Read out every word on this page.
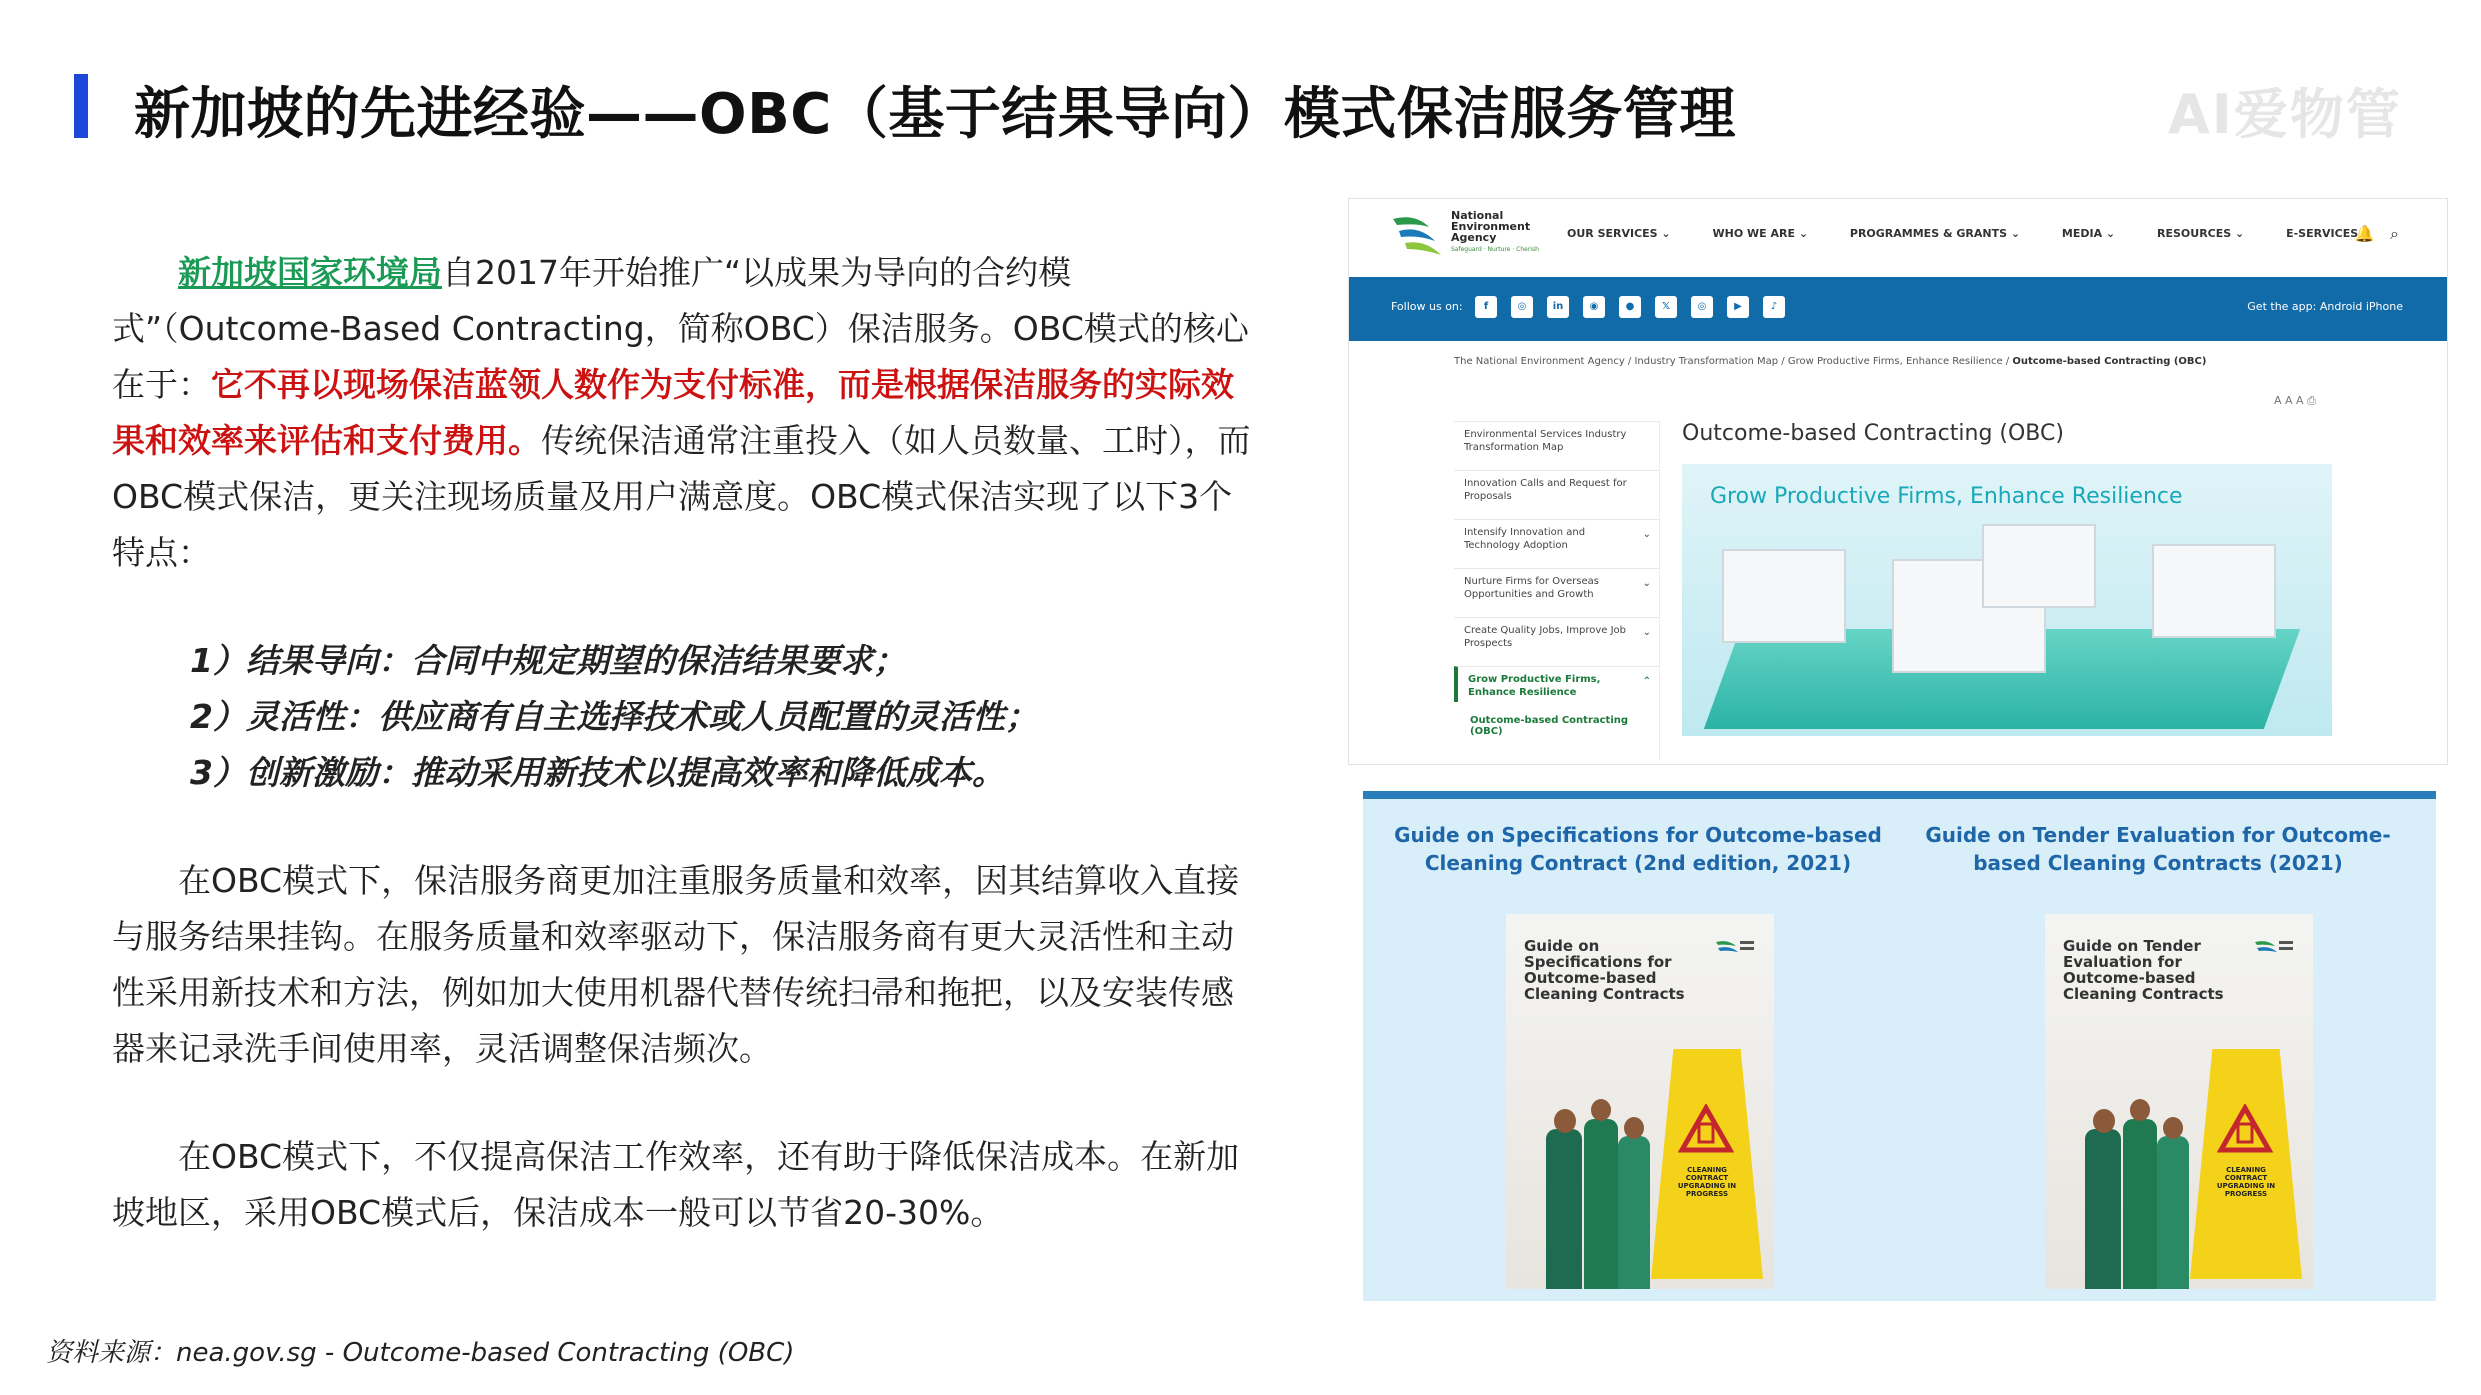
新加坡的先进经验——OBC（基于结果导向）模式保洁服务管理	AI爱物管

新加坡国家环境局自2017年开始推广“以成果为导向的合约模式”（Outcome-Based Contracting，简称OBC）保洁服务。OBC模式的核心在于：它不再以现场保洁蓝领人数作为支付标准，而是根据保洁服务的实际效果和效率来评估和支付费用。传统保洁通常注重投入（如人员数量、工时），而OBC模式保洁，更关注现场质量及用户满意度。OBC模式保洁实现了以下3个特点：

1）结果导向：合同中规定期望的保洁结果要求；
2）灵活性：供应商有自主选择技术或人员配置的灵活性；
3）创新激励：推动采用新技术以提高效率和降低成本。

在OBC模式下，保洁服务商更加注重服务质量和效率，因其结算收入直接与服务结果挂钩。在服务质量和效率驱动下，保洁服务商有更大灵活性和主动性采用新技术和方法，例如加大使用机器代替传统扫帚和拖把，以及安装传感器来记录洗手间使用率，灵活调整保洁频次。

在OBC模式下，不仅提高保洁工作效率，还有助于降低保洁成本。在新加坡地区，采用OBC模式后，保洁成本一般可以节省20-30%。

资料来源：nea.gov.sg - Outcome-based Contracting (OBC)
National Environment Agency
Safeguard · Nurture · Cherish
OUR SERVICES ⌄	WHO WE ARE ⌄	PROGRAMMES & GRANTS ⌄	MEDIA ⌄	RESOURCES ⌄	E-SERVICES
🔔 ⌕
Follow us on:	f	◎	in	◉	●	𝕏	◎	▶	♪	Get the app: Android iPhone
The National Environment Agency / Industry Transformation Map / Grow Productive Firms, Enhance Resilience / Outcome-based Contracting (OBC)
A A A ⎙
Environmental Services Industry Transformation Map
Innovation Calls and Request for Proposals
Intensify Innovation and Technology Adoption
⌄
Nurture Firms for Overseas Opportunities and Growth
⌄
Create Quality Jobs, Improve Job Prospects
⌄
Grow Productive Firms, Enhance Resilience
⌃
Outcome-based Contracting (OBC)
Outcome-based Contracting (OBC)
Grow Productive Firms, Enhance Resilience
Guide on Specifications for Outcome-based Cleaning Contract (2nd edition, 2021)
Guide on Tender Evaluation for Outcome-based Cleaning Contracts (2021)
Guide on Specifications for Outcome-based Cleaning Contracts
CLEANING CONTRACT UPGRADING IN PROGRESS
Guide on Tender Evaluation for Outcome-based Cleaning Contracts
CLEANING CONTRACT UPGRADING IN PROGRESS
